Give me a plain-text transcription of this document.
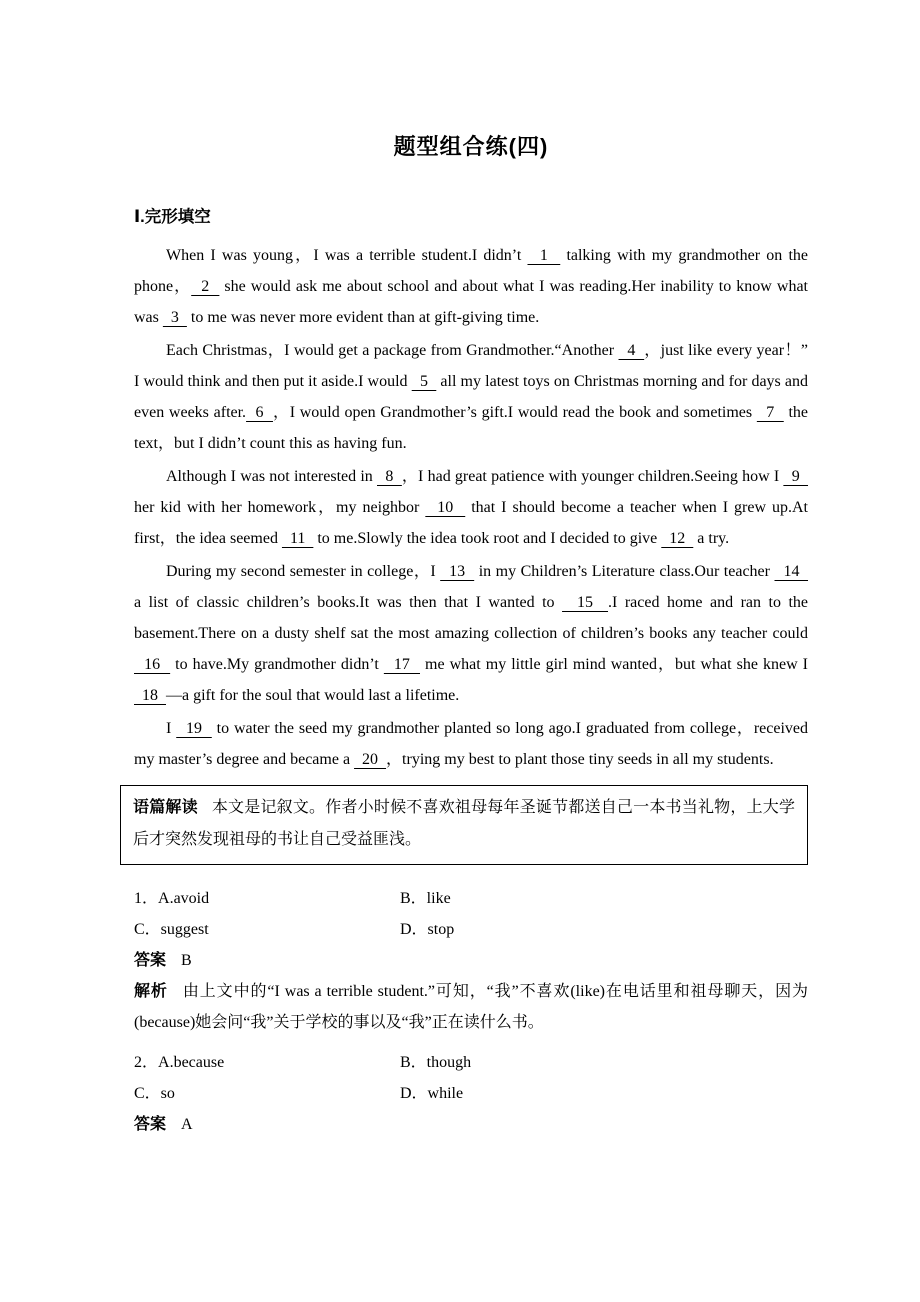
题型组合练(四)
Ⅰ.完形填空

When I was young，I was a terrible student.I didn’t   1   talking with my grandmother on the phone，  2   she would ask me about school and about what I was reading.Her inability to know what was   3   to me was never more evident than at gift-giving time.

Each Christmas，I would get a package from Grandmother.“Another   4  ，just like every year！” I would think and then put it aside.I would   5   all my latest toys on Christmas morning and for days and even weeks after.  6  ，I would open Grandmother’s gift.I would read the book and sometimes   7   the text，but I didn’t count this as having fun.

Although I was not interested in   8  ，I had great patience with younger children.Seeing how I   9   her kid with her homework，my neighbor   10   that I should become a teacher when I grew up.At first，the idea seemed   11   to me.Slowly the idea took root and I decided to give   12   a try.

During my second semester in college，I   13   in my Children’s Literature class.Our teacher   14   a list of classic children’s books.It was then that I wanted to   15  .I raced home and ran to the basement.There on a dusty shelf sat the most amazing collection of children’s books any teacher could   16   to have.My grandmother didn’t   17   me what my little girl mind wanted，but what she knew I   18  —a gift for the soul that would last a lifetime.

I   19   to water the seed my grandmother planted so long ago.I graduated from college，received my master’s degree and became a   20  ，trying my best to plant those tiny seeds in all my students.

语篇解读 本文是记叙文。作者小时候不喜欢祖母每年圣诞节都送自己一本书当礼物，上大学后才突然发现祖母的书让自己受益匪浅。
1．A.avoid	B．like
C．suggest	D．stop
答案 B
解析 由上文中的“I was a terrible student.”可知，“我”不喜欢(like)在电话里和祖母聊天，因为(because)她会问“我”关于学校的事以及“我”正在读什么书。
2．A.because	B．though
C．so	D．while
答案 A
